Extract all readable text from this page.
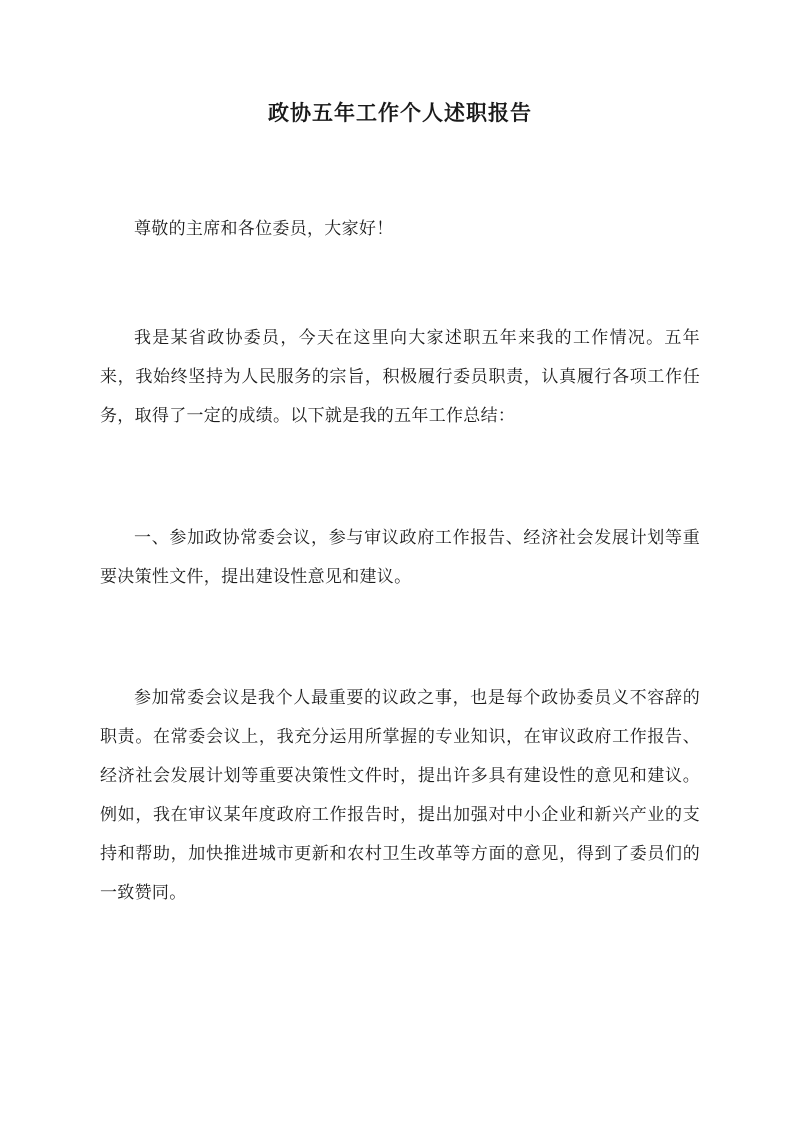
政协五年工作个人述职报告

尊敬的主席和各位委员，大家好！

我是某省政协委员，今天在这里向大家述职五年来我的工作情况。五年来，我始终坚持为人民服务的宗旨，积极履行委员职责，认真履行各项工作任务，取得了一定的成绩。以下就是我的五年工作总结：

一、参加政协常委会议，参与审议政府工作报告、经济社会发展计划等重要决策性文件，提出建设性意见和建议。

参加常委会议是我个人最重要的议政之事，也是每个政协委员义不容辞的职责。在常委会议上，我充分运用所掌握的专业知识，在审议政府工作报告、经济社会发展计划等重要决策性文件时，提出许多具有建设性的意见和建议。例如，我在审议某年度政府工作报告时，提出加强对中小企业和新兴产业的支持和帮助，加快推进城市更新和农村卫生改革等方面的意见，得到了委员们的一致赞同。
